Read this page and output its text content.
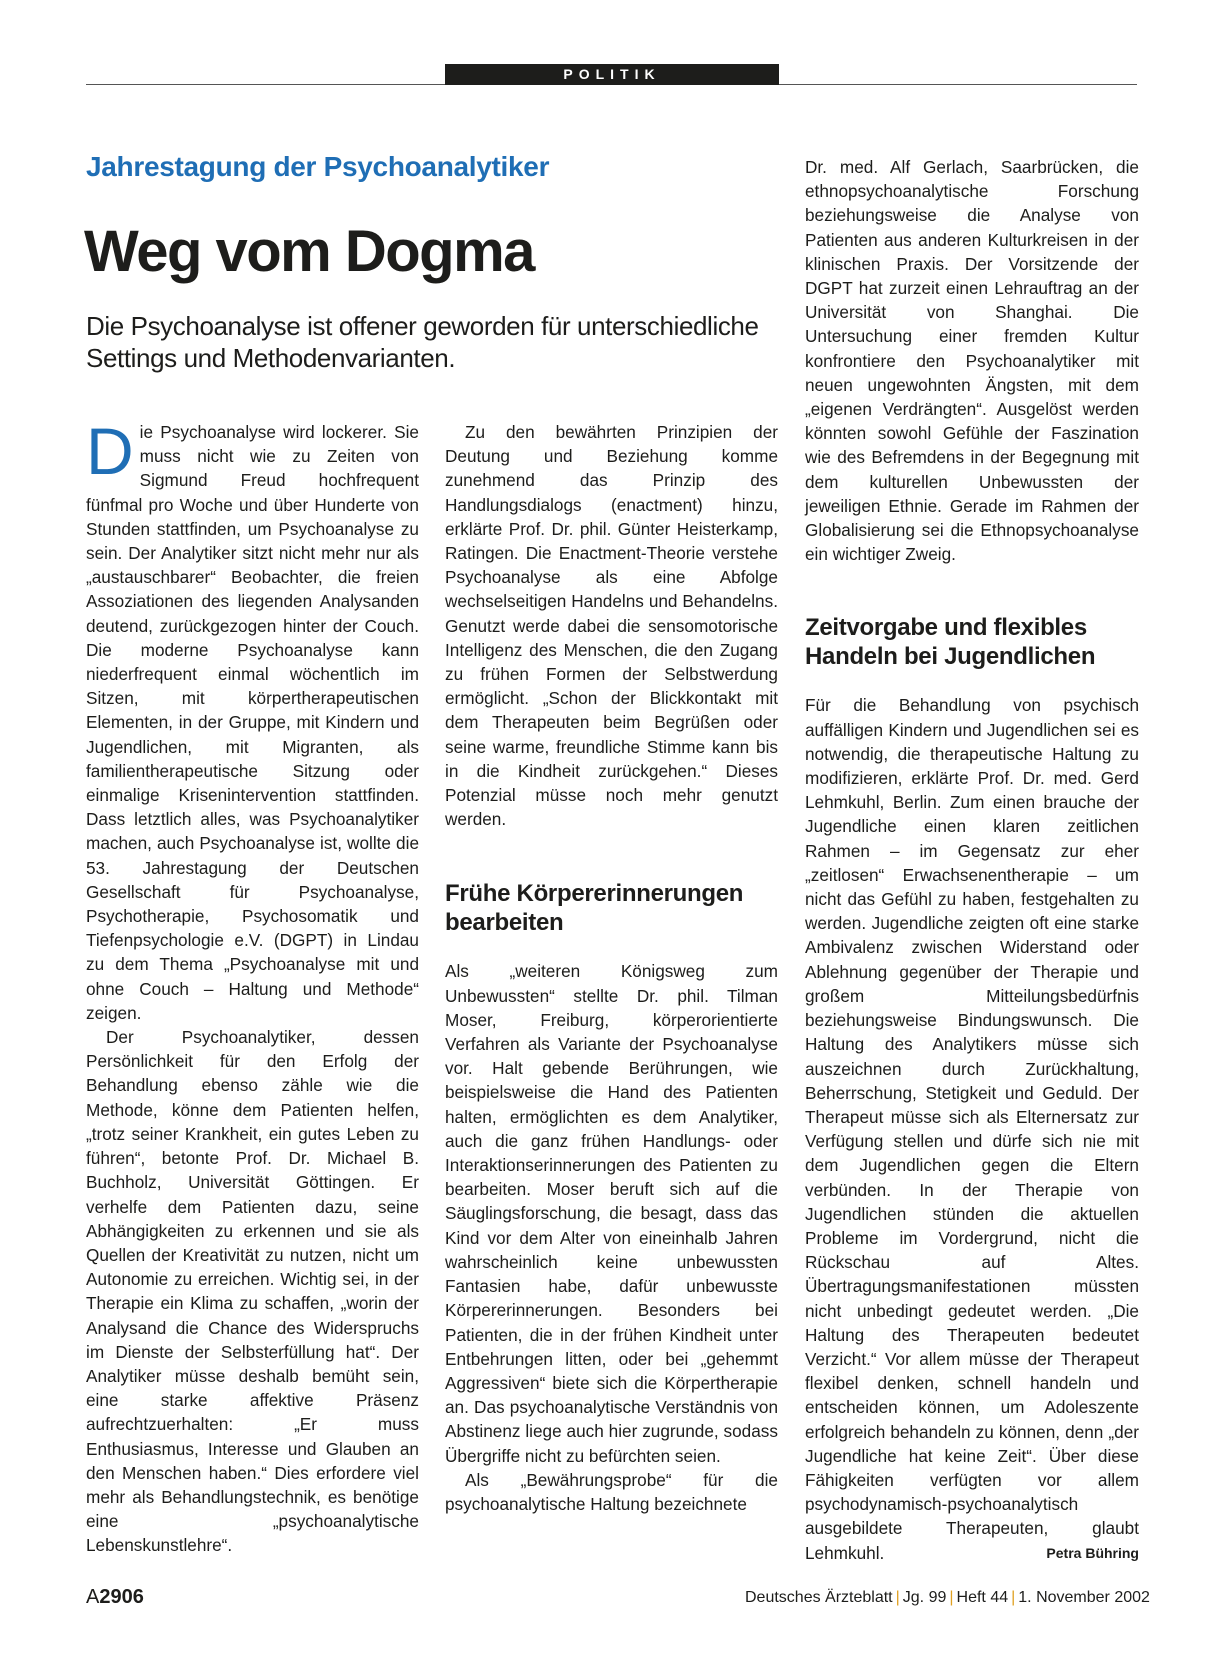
POLITIK
Jahrestagung der Psychoanalytiker
Weg vom Dogma
Die Psychoanalyse ist offener geworden für unterschiedliche Settings und Methodenvarianten.

Die Psychoanalyse wird lockerer. Sie muss nicht wie zu Zeiten von Sigmund Freud hochfrequent fünfmal pro Woche und über Hunderte von Stunden stattfinden, um Psychoanalyse zu sein. Der Analytiker sitzt nicht mehr nur als „austauschbarer“ Beobachter, die freien Assoziationen des liegenden Analysanden deutend, zurückgezogen hinter der Couch. Die moderne Psychoanalyse kann niederfrequent einmal wöchentlich im Sitzen, mit körpertherapeutischen Elementen, in der Gruppe, mit Kindern und Jugendlichen, mit Migranten, als familientherapeutische Sitzung oder einmalige Krisenintervention stattfinden. Dass letztlich alles, was Psychoanalytiker machen, auch Psychoanalyse ist, wollte die 53. Jahrestagung der Deutschen Gesellschaft für Psychoanalyse, Psychotherapie, Psychosomatik und Tiefenpsychologie e.V. (DGPT) in Lindau zu dem Thema „Psychoanalyse mit und ohne Couch – Haltung und Methode“ zeigen.

Der Psychoanalytiker, dessen Persönlichkeit für den Erfolg der Behandlung ebenso zähle wie die Methode, könne dem Patienten helfen, „trotz seiner Krankheit, ein gutes Leben zu führen“, betonte Prof. Dr. Michael B. Buchholz, Universität Göttingen. Er verhelfe dem Patienten dazu, seine Abhängigkeiten zu erkennen und sie als Quellen der Kreativität zu nutzen, nicht um Autonomie zu erreichen. Wichtig sei, in der Therapie ein Klima zu schaffen, „worin der Analysand die Chance des Widerspruchs im Dienste der Selbsterfüllung hat“. Der Analytiker müsse deshalb bemüht sein, eine starke affektive Präsenz aufrechtzuerhalten: „Er muss Enthusiasmus, Interesse und Glauben an den Menschen haben.“ Dies erfordere viel mehr als Behandlungstechnik, es benötige eine „psychoanalytische Lebenskunstlehre“.

Zu den bewährten Prinzipien der Deutung und Beziehung komme zunehmend das Prinzip des Handlungsdialogs (enactment) hinzu, erklärte Prof. Dr. phil. Günter Heisterkamp, Ratingen. Die Enactment-Theorie verstehe Psychoanalyse als eine Abfolge wechselseitigen Handelns und Behandelns. Genutzt werde dabei die sensomotorische Intelligenz des Menschen, die den Zugang zu frühen Formen der Selbstwerdung ermöglicht. „Schon der Blickkontakt mit dem Therapeuten beim Begrüßen oder seine warme, freundliche Stimme kann bis in die Kindheit zurückgehen.“ Dieses Potenzial müsse noch mehr genutzt werden.

Frühe Körpererinnerungen bearbeiten

Als „weiteren Königsweg zum Unbewussten“ stellte Dr. phil. Tilman Moser, Freiburg, körperorientierte Verfahren als Variante der Psychoanalyse vor. Halt gebende Berührungen, wie beispielsweise die Hand des Patienten halten, ermöglichten es dem Analytiker, auch die ganz frühen Handlungs- oder Interaktionserinnerungen des Patienten zu bearbeiten. Moser beruft sich auf die Säuglingsforschung, die besagt, dass das Kind vor dem Alter von eineinhalb Jahren wahrscheinlich keine unbewussten Fantasien habe, dafür unbewusste Körpererinnerungen. Besonders bei Patienten, die in der frühen Kindheit unter Entbehrungen litten, oder bei „gehemmt Aggressiven“ biete sich die Körpertherapie an. Das psychoanalytische Verständnis von Abstinenz liege auch hier zugrunde, sodass Übergriffe nicht zu befürchten seien.

Als „Bewährungsprobe“ für die psychoanalytische Haltung bezeichnete

Dr. med. Alf Gerlach, Saarbrücken, die ethnopsychoanalytische Forschung beziehungsweise die Analyse von Patienten aus anderen Kulturkreisen in der klinischen Praxis. Der Vorsitzende der DGPT hat zurzeit einen Lehrauftrag an der Universität von Shanghai. Die Untersuchung einer fremden Kultur konfrontiere den Psychoanalytiker mit neuen ungewohnten Ängsten, mit dem „eigenen Verdrängten“. Ausgelöst werden könnten sowohl Gefühle der Faszination wie des Befremdens in der Begegnung mit dem kulturellen Unbewussten der jeweiligen Ethnie. Gerade im Rahmen der Globalisierung sei die Ethnopsychoanalyse ein wichtiger Zweig.

Zeitvorgabe und flexibles Handeln bei Jugendlichen

Für die Behandlung von psychisch auffälligen Kindern und Jugendlichen sei es notwendig, die therapeutische Haltung zu modifizieren, erklärte Prof. Dr. med. Gerd Lehmkuhl, Berlin. Zum einen brauche der Jugendliche einen klaren zeitlichen Rahmen – im Gegensatz zur eher „zeitlosen“ Erwachsenentherapie – um nicht das Gefühl zu haben, festgehalten zu werden. Jugendliche zeigten oft eine starke Ambivalenz zwischen Widerstand oder Ablehnung gegenüber der Therapie und großem Mitteilungsbedürfnis beziehungsweise Bindungswunsch. Die Haltung des Analytikers müsse sich auszeichnen durch Zurückhaltung, Beherrschung, Stetigkeit und Geduld. Der Therapeut müsse sich als Elternersatz zur Verfügung stellen und dürfe sich nie mit dem Jugendlichen gegen die Eltern verbünden. In der Therapie von Jugendlichen stünden die aktuellen Probleme im Vordergrund, nicht die Rückschau auf Altes. Übertragungsmanifestationen müssten nicht unbedingt gedeutet werden. „Die Haltung des Therapeuten bedeutet Verzicht.“ Vor allem müsse der Therapeut flexibel denken, schnell handeln und entscheiden können, um Adoleszente erfolgreich behandeln zu können, denn „der Jugendliche hat keine Zeit“. Über diese Fähigkeiten verfügten vor allem psychodynamisch-psychoanalytisch ausgebildete Therapeuten, glaubt Lehmkuhl.	Petra Bühring

A2906	Deutsches Ärzteblatt | Jg. 99 | Heft 44 | 1. November 2002
